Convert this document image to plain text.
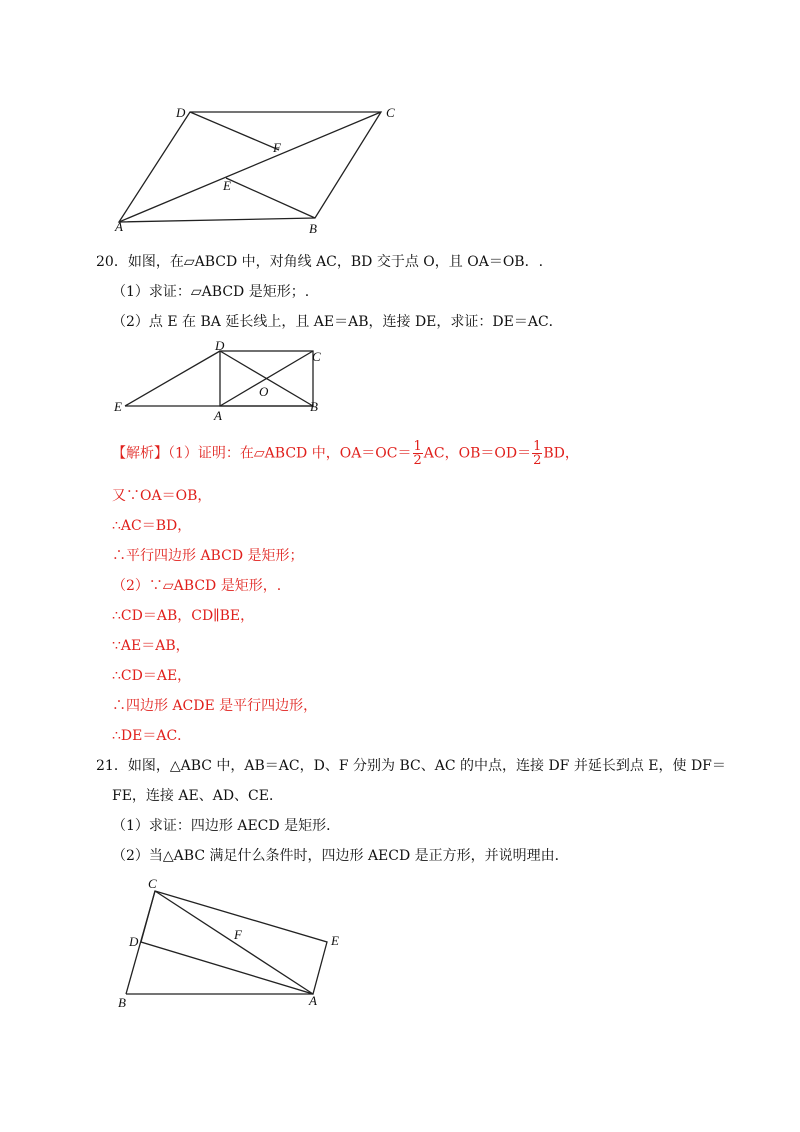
D	C
F
E
A	B
20．如图，在▱ABCD 中，对角线 AC，BD 交于点 O，且 OA＝OB．.
（1）求证：▱ABCD 是矩形；.
（2）点 E 在 BA 延长线上，且 AE＝AB，连接 DE，求证：DE＝AC．
D
C
O
E
A
B
【解析】（1）证明：在▱ABCD 中，$OA=OC= \frac{1}{2}$ AC，$OB=OD= \frac{1}{2}$ BD，
又∵OA＝OB，
∴AC＝BD，
∴平行四边形 ABCD 是矩形；
（2）∵▱ABCD 是矩形，.
∴CD＝AB，CD∥BE，
∵AE＝AB，
∴CD＝AE，
∴四边形 ACDE 是平行四边形，
∴DE＝AC．
21．如图，△ABC 中，AB＝AC，D、F 分别为 BC、AC 的中点，连接 DF 并延长到点 E，使 DF＝
FE，连接 AE、AD、CE．
（1）求证：四边形 AECD 是矩形．
（2）当△ABC 满足什么条件时，四边形 AECD 是正方形，并说明理由．
C
D	F	E
B	A
